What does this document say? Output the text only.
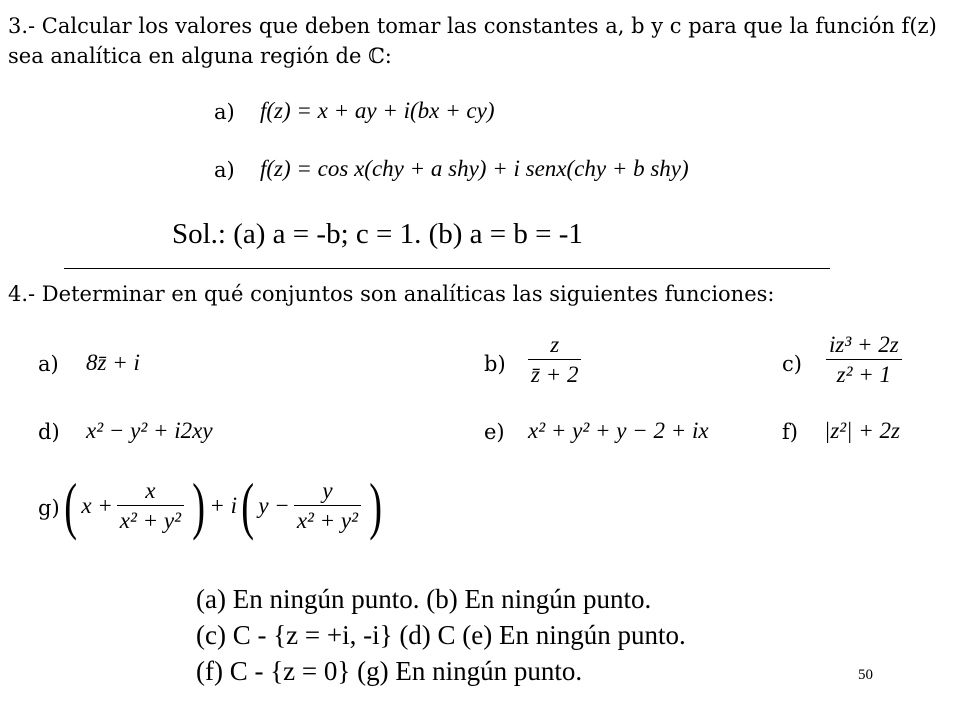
3.- Calcular los valores que deben tomar las constantes a, b y c para que la función f(z)
sea analítica en alguna región de ℂ:
a) f(z) = x + ay + i(bx + cy)
a) f(z) = cos x(chy + a shy) + i senx(chy + b shy)
Sol.: (a) a = -b; c = 1. (b) a = b = -1
4.- Determinar en qué conjuntos son analíticas las siguientes funciones:
a) 8z̄ + i	$b) \frac{z}{z̄ + 2}$	$c) \frac{\text{iz³ + 2z}}{\text{z² + 1}}$
d) x² − y² + i2xy	e) x² + y² + y − 2 + ix	f) |z²| + 2z
g) ( $x + \frac{x}{\text{x² + y²}}$ ) + i ( $y - \frac{y}{\text{x² + y²}}$ )
(a) En ningún punto. (b) En ningún punto.
(c) C - {z = +i, -i} (d) C (e) En ningún punto.
(f) C - {z = 0} (g) En ningún punto.	50
